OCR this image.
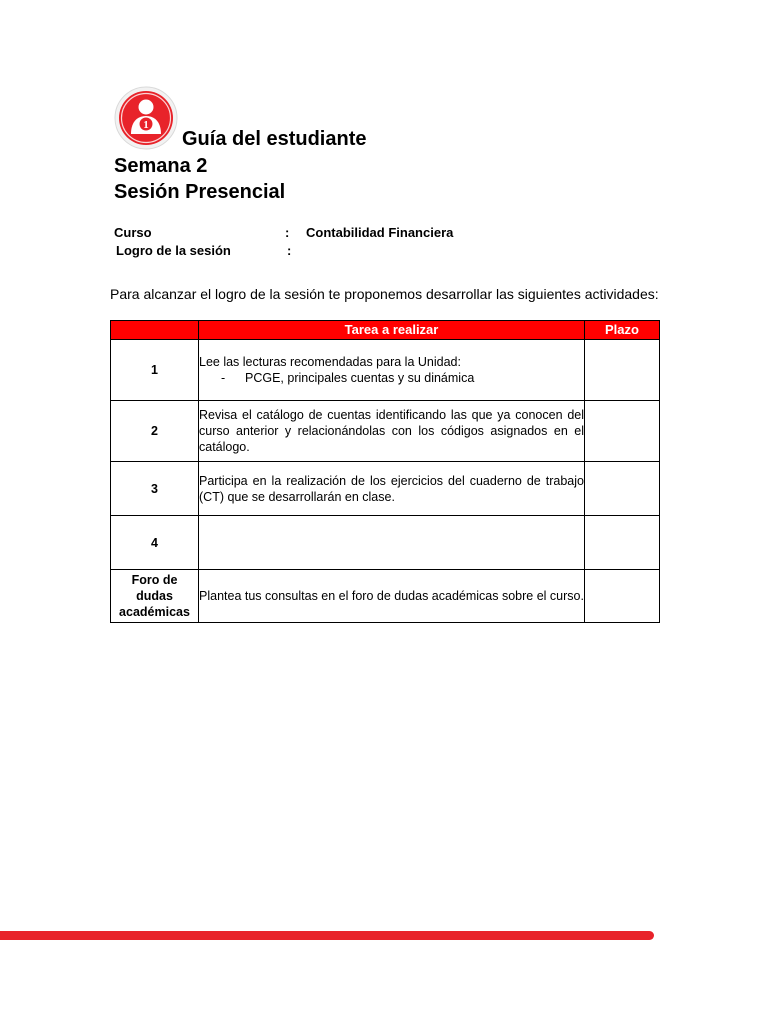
1
Guía del estudiante
Semana 2
Sesión Presencial
Curso	: Contabilidad Financiera
Logro de la sesión	:
Para alcanzar el logro de la sesión te proponemos desarrollar las siguientes actividades:
	Tarea a realizar	Plazo
1	Lee las lecturas recomendadas para la Unidad:
- PCGE, principales cuentas y su dinámica	

2	Revisa el catálogo de cuentas identificando las que ya conocen del curso anterior y relacionándolas con los códigos asignados en el catálogo.	
3	Participa en la realización de los ejercicios del cuaderno de trabajo (CT) que se desarrollarán en clase.	
4		
Foro de dudas académicas	Plantea tus consultas en el foro de dudas académicas sobre el curso.	
